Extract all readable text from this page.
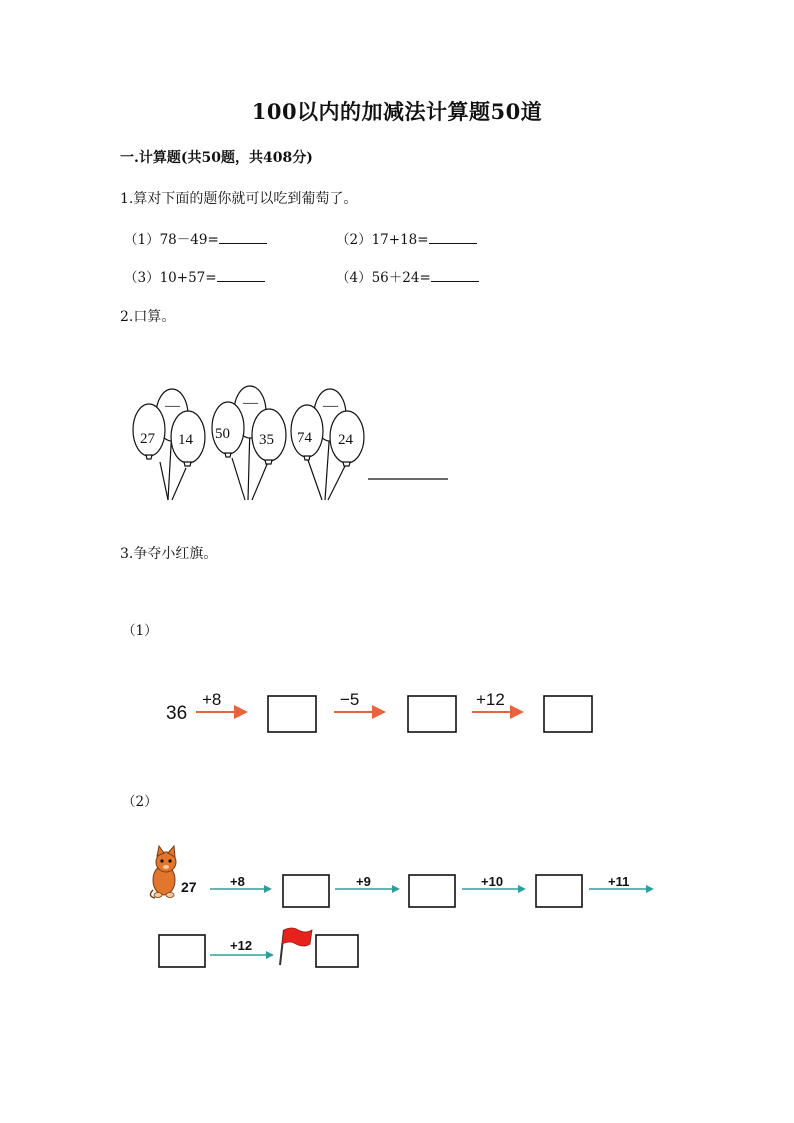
100以内的加减法计算题50道
一.计算题(共50题，共408分)
1.算对下面的题你就可以吃到葡萄了。
（1）78－49=	（2）17+18=
（3）10+57=	（4）56＋24=
2.口算。
—
27 14
—
50 35
—
74 24
36
+8	−5	+12
27	+8	+9	+10	+11
+12
3.争夺小红旗。
（1）
（2）
